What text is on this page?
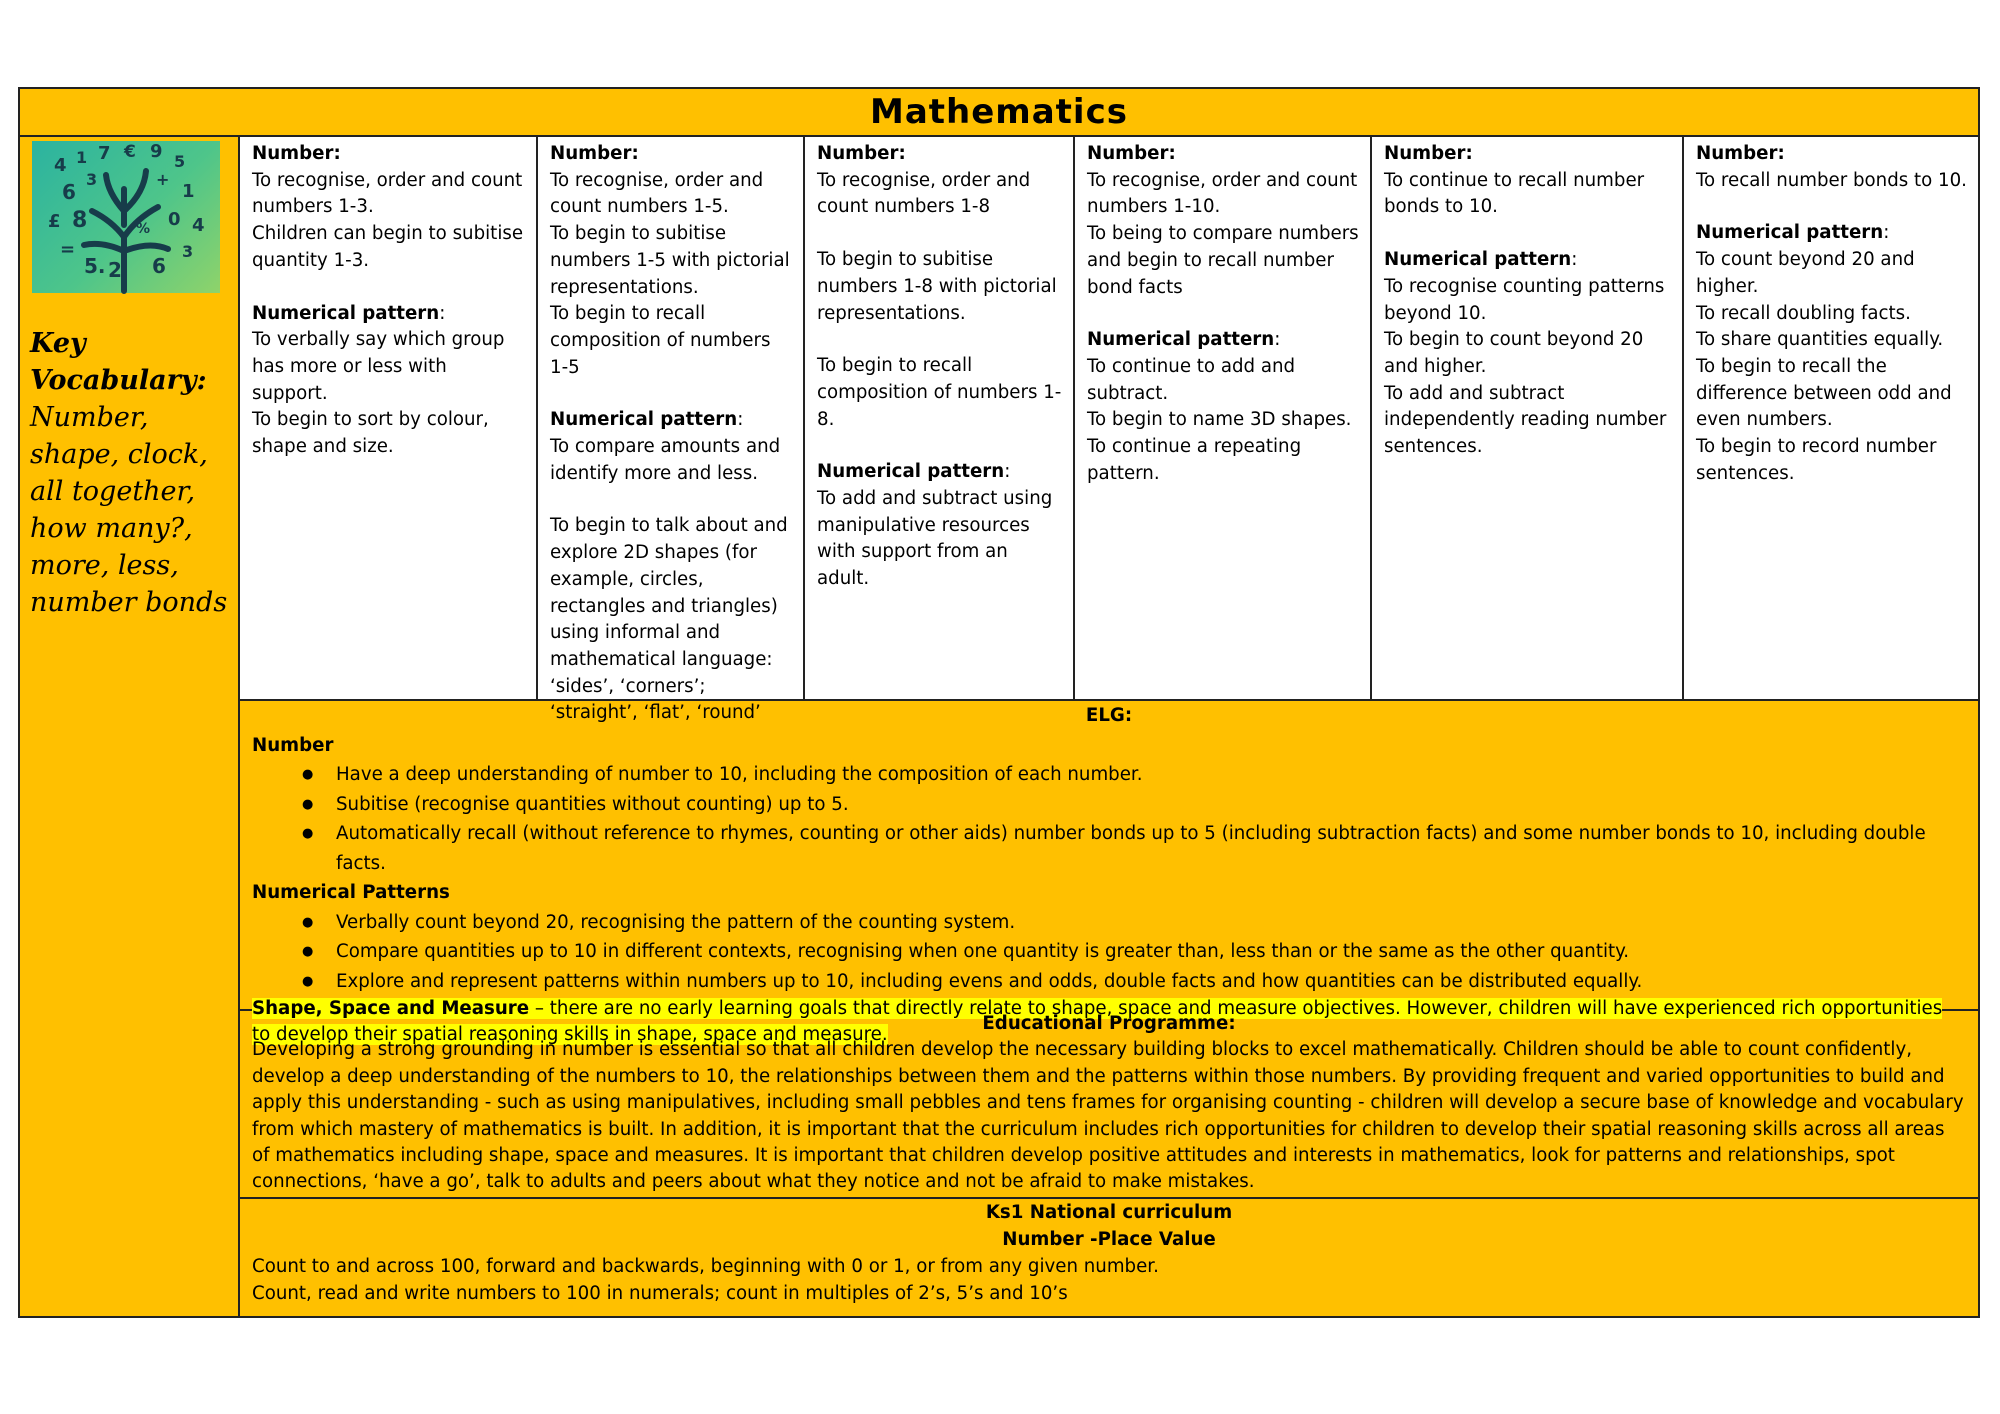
Mathematics
4 1 7 € 9 5
6
3	+
1
£ 8	0 4
=
5. 2 6
3
%
Key Vocabulary:
Number, shape, clock, all together, how many?, more, less, number bonds
Number:

To recognise, order and count numbers 1-3.

Children can begin to subitise quantity 1-3.

Numerical pattern:

To verbally say which group has more or less with support.

To begin to sort by colour, shape and size.

Number:

To recognise, order and count numbers 1-5.

To begin to subitise numbers 1-5 with pictorial representations.

To begin to recall composition of numbers 1-5

Numerical pattern:

To compare amounts and identify more and less.

To begin to talk about and explore 2D shapes (for example, circles, rectangles and triangles) using informal and mathematical language: ‘sides’, ‘corners’; ‘straight’, ‘flat’, ‘round’

Number:

To recognise, order and count numbers 1-8

To begin to subitise numbers 1-8 with pictorial representations.

To begin to recall composition of numbers 1-8.

Numerical pattern:

To add and subtract using manipulative resources with support from an adult.

Number:

To recognise, order and count numbers 1-10.

To being to compare numbers and begin to recall number bond facts

Numerical pattern:

To continue to add and subtract.

To begin to name 3D shapes.

To continue a repeating pattern.

Number:

To continue to recall number bonds to 10.

Numerical pattern:

To recognise counting patterns beyond 10.

To begin to count beyond 20 and higher.

To add and subtract independently reading number sentences.

Number:

To recall number bonds to 10.

Numerical pattern:

To count beyond 20 and higher.

To recall doubling facts.

To share quantities equally.

To begin to recall the difference between odd and even numbers.

To begin to record number sentences.

ELG:
Number
● Have a deep understanding of number to 10, including the composition of each number.
● Subitise (recognise quantities without counting) up to 5.
● Automatically recall (without reference to rhymes, counting or other aids) number bonds up to 5 (including subtraction facts) and some number bonds to 10, including double facts.
Numerical Patterns
● Verbally count beyond 20, recognising the pattern of the counting system.
● Compare quantities up to 10 in different contexts, recognising when one quantity is greater than, less than or the same as the other quantity.
● Explore and represent patterns within numbers up to 10, including evens and odds, double facts and how quantities can be distributed equally.
Shape, Space and Measure – there are no early learning goals that directly relate to shape, space and measure objectives. However, children will have experienced rich opportunities to develop their spatial reasoning skills in shape, space and measure.
Educational Programme:
Developing a strong grounding in number is essential so that all children develop the necessary building blocks to excel mathematically. Children should be able to count confidently, develop a deep understanding of the numbers to 10, the relationships between them and the patterns within those numbers. By providing frequent and varied opportunities to build and apply this understanding - such as using manipulatives, including small pebbles and tens frames for organising counting - children will develop a secure base of knowledge and vocabulary from which mastery of mathematics is built. In addition, it is important that the curriculum includes rich opportunities for children to develop their spatial reasoning skills across all areas of mathematics including shape, space and measures. It is important that children develop positive attitudes and interests in mathematics, look for patterns and relationships, spot connections, ‘have a go’, talk to adults and peers about what they notice and not be afraid to make mistakes.
Ks1 National curriculum
Number -Place Value
Count to and across 100, forward and backwards, beginning with 0 or 1, or from any given number.
Count, read and write numbers to 100 in numerals; count in multiples of 2’s, 5’s and 10’s
